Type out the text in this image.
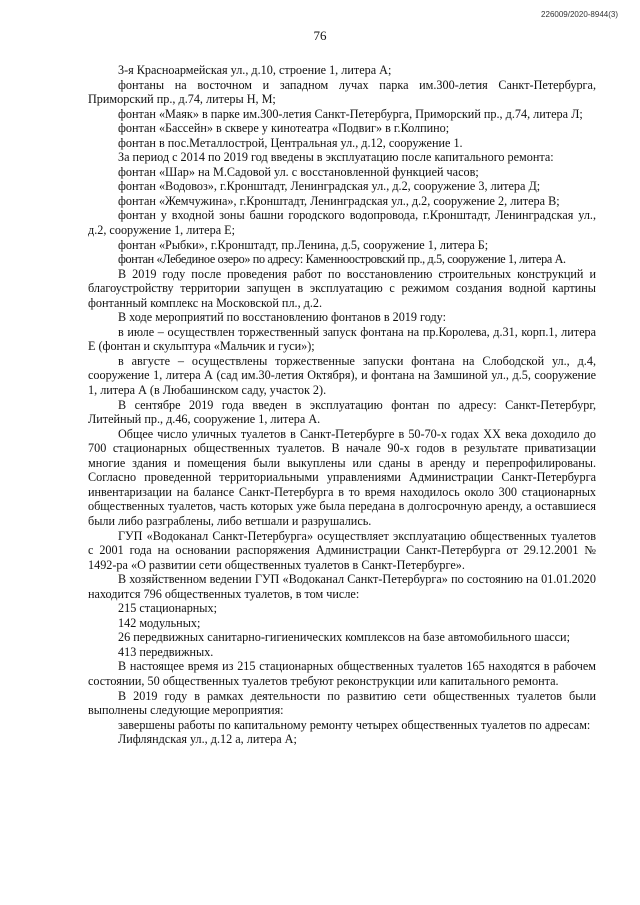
226009/2020-8944(3)
76

3-я Красноармейская ул., д.10, строение 1, литера А;

фонтаны на восточном и западном лучах парка им.300-летия Санкт-Петербурга, Приморский пр., д.74, литеры Н, М;

фонтан «Маяк» в парке им.300-летия Санкт-Петербурга, Приморский пр., д.74, литера Л;

фонтан «Бассейн» в сквере у кинотеатра «Подвиг» в г.Колпино;

фонтан в пос.Металлострой, Центральная ул., д.12, сооружение 1.

За период с 2014 по 2019 год введены в эксплуатацию после капитального ремонта:

фонтан «Шар» на М.Садовой ул. с восстановленной функцией часов;

фонтан «Водовоз», г.Кронштадт, Ленинградская ул., д.2, сооружение 3, литера Д;

фонтан «Жемчужина», г.Кронштадт, Ленинградская ул., д.2, сооружение 2, литера В;

фонтан у входной зоны башни городского водопровода, г.Кронштадт, Ленинградская ул., д.2, сооружение 1, литера Е;

фонтан «Рыбки», г.Кронштадт, пр.Ленина, д.5, сооружение 1, литера Б;

фонтан «Лебединое озеро» по адресу: Каменноостровский пр., д.5, сооружение 1, литера А.

В 2019 году после проведения работ по восстановлению строительных конструкций и благоустройству территории запущен в эксплуатацию с режимом создания водной картины фонтанный комплекс на Московской пл., д.2.

В ходе мероприятий по восстановлению фонтанов в 2019 году:

в июле – осуществлен торжественный запуск фонтана на пр.Королева, д.31, корп.1, литера Е (фонтан и скульптура «Мальчик и гуси»);

в августе – осуществлены торжественные запуски фонтана на Слободской ул., д.4, сооружение 1, литера А (сад им.30-летия Октября), и фонтана на Замшиной ул., д.5, сооружение 1, литера А (в Любашинском саду, участок 2).

В сентябре 2019 года введен в эксплуатацию фонтан по адресу: Санкт-Петербург, Литейный пр., д.46, сооружение 1, литера А.

Общее число уличных туалетов в Санкт-Петербурге в 50-70-х годах XX века доходило до 700 стационарных общественных туалетов. В начале 90-х годов в результате приватизации многие здания и помещения были выкуплены или сданы в аренду и перепрофилированы. Согласно проведенной территориальными управлениями Администрации Санкт-Петербурга инвентаризации на балансе Санкт-Петербурга в то время находилось около 300 стационарных общественных туалетов, часть которых уже была передана в долгосрочную аренду, а оставшиеся были либо разграблены, либо ветшали и разрушались.

ГУП «Водоканал Санкт-Петербурга» осуществляет эксплуатацию общественных туалетов с 2001 года на основании распоряжения Администрации Санкт-Петербурга от 29.12.2001 № 1492-ра «О развитии сети общественных туалетов в Санкт-Петербурге».

В хозяйственном ведении ГУП «Водоканал Санкт-Петербурга» по состоянию на 01.01.2020 находится 796 общественных туалетов, в том числе:

215 стационарных;

142 модульных;

26 передвижных санитарно-гигиенических комплексов на базе автомобильного шасси;

413 передвижных.

В настоящее время из 215 стационарных общественных туалетов 165 находятся в рабочем состоянии, 50 общественных туалетов требуют реконструкции или капитального ремонта.

В 2019 году в рамках деятельности по развитию сети общественных туалетов были выполнены следующие мероприятия:

завершены работы по капитальному ремонту четырех общественных туалетов по адресам:

Лифляндская ул., д.12 а, литера А;
